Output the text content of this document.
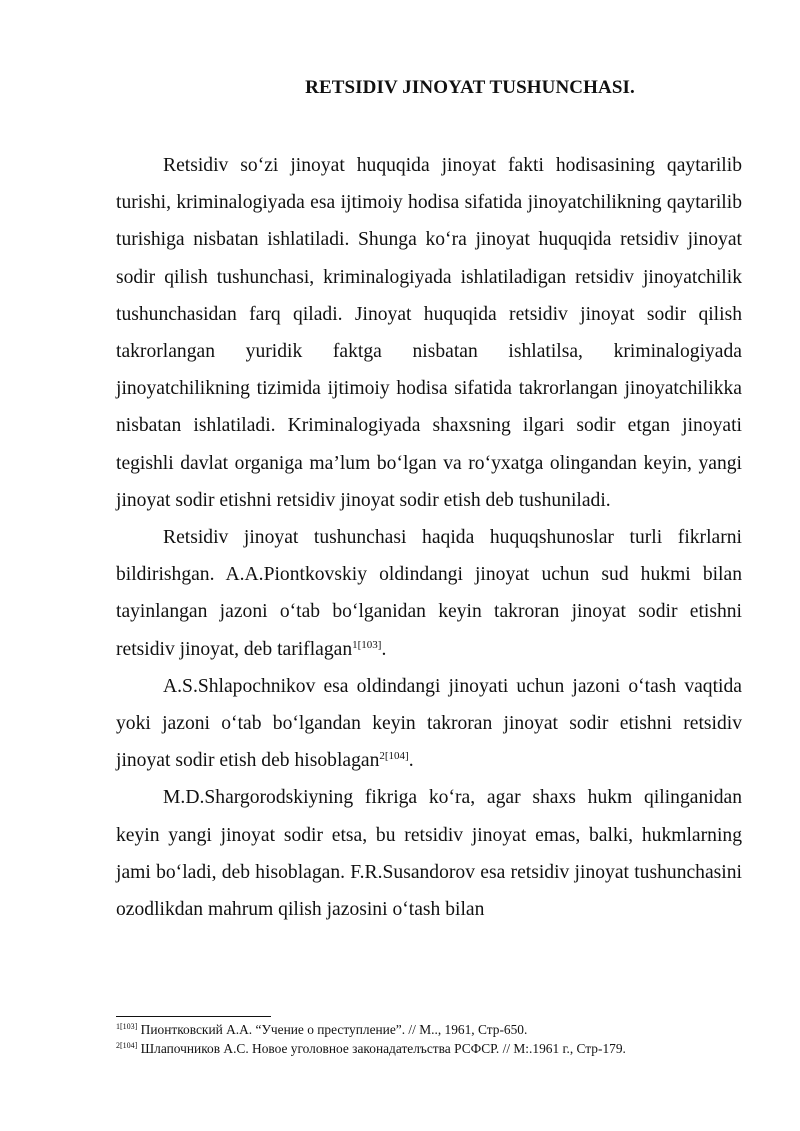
RETSIDIV JINOYAT TUSHUNCHASI.

Retsidiv so‘zi jinoyat huquqida jinoyat fakti hodisasining qaytarilib turishi, kriminalogiyada esa ijtimoiy hodisa sifatida jinoyatchilikning qaytarilib turishiga nisbatan ishlatiladi. Shunga ko‘ra jinoyat huquqida retsidiv jinoyat sodir qilish tushunchasi, kriminalogiyada ishlatiladigan retsidiv jinoyatchilik tushunchasidan farq qiladi. Jinoyat huquqida retsidiv jinoyat sodir qilish takrorlangan yuridik faktga nisbatan ishlatilsa, kriminalogiyada jinoyatchilikning tizimida ijtimoiy hodisa sifatida takrorlangan jinoyatchilikka nisbatan ishlatiladi. Kriminalogiyada shaxsning ilgari sodir etgan jinoyati tegishli davlat organiga ma’lum bo‘lgan va ro‘yxatga olingandan keyin, yangi jinoyat sodir etishni retsidiv jinoyat sodir etish deb tushuniladi.

Retsidiv jinoyat tushunchasi haqida huquqshunoslar turli fikrlarni bildirishgan. A.A.Piontkovskiy oldindangi jinoyat uchun sud hukmi bilan tayinlangan jazoni o‘tab bo‘lganidan keyin takroran jinoyat sodir etishni retsidiv jinoyat, deb tariflagan$^{1[103]}$.

A.S.Shlapochnikov esa oldindangi jinoyati uchun jazoni o‘tash vaqtida yoki jazoni o‘tab bo‘lgandan keyin takroran jinoyat sodir etishni retsidiv jinoyat sodir etish deb hisoblagan$^{2[104]}$.

M.D.Shargorodskiyning fikriga ko‘ra, agar shaxs hukm qilinganidan keyin yangi jinoyat sodir etsa, bu retsidiv jinoyat emas, balki, hukmlarning jami bo‘ladi, deb hisoblagan. F.R.Susandorov esa retsidiv jinoyat tushunchasini ozodlikdan mahrum qilish jazosini o‘tash bilan

$^{1[103]}$ Пионтковский А.А. “Учение о преступление”. // М.., 1961, Стр-650.
$^{2[104]}$ Шлапочников А.С. Новое уголовное законадателъства РСФСР. // М:.1961 г., Стр-179.
